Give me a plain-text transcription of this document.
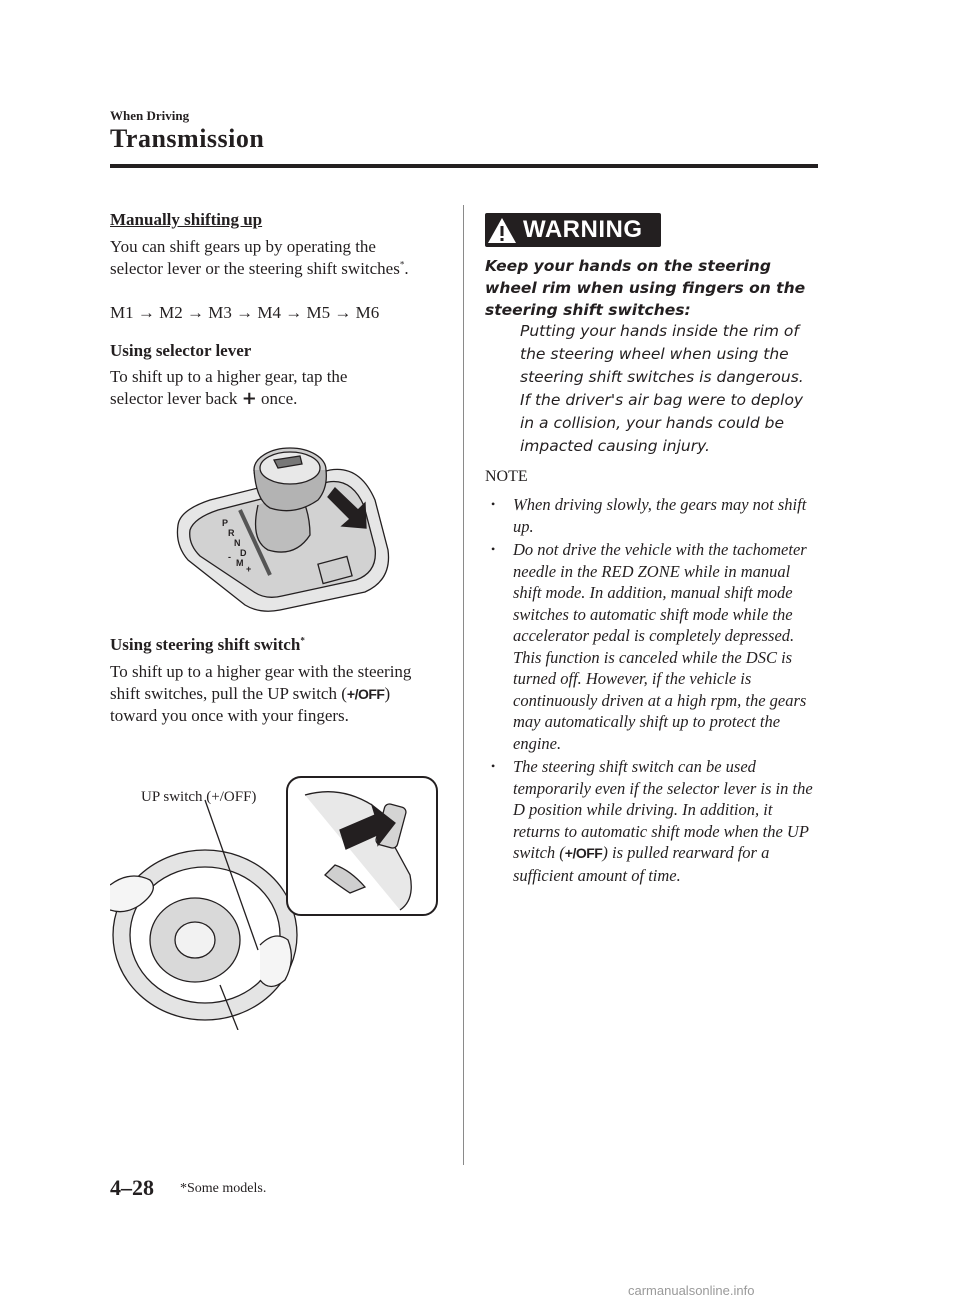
When Driving
Transmission
Manually shifting up
You can shift gears up by operating the selector lever or the steering shift switches*.
M1 → M2 → M3 → M4 → M5 → M6
Using selector lever
To shift up to a higher gear, tap the
selector lever back + once.
P
R
N
D
M
+
-
Using steering shift switch*
To shift up to a higher gear with the steering shift switches, pull the UP switch (+/OFF) toward you once with your fingers.
UP switch (+/OFF)
WARNING
Keep your hands on the steering wheel rim when using fingers on the steering shift switches:
Putting your hands inside the rim of the steering wheel when using the steering shift switches is dangerous. If the driver's air bag were to deploy in a collision, your hands could be impacted causing injury.
NOTE
•	When driving slowly, the gears may not shift up.
•	Do not drive the vehicle with the tachometer needle in the RED ZONE while in manual shift mode. In addition, manual shift mode switches to automatic shift mode while the accelerator pedal is completely depressed.
This function is canceled while the DSC is turned off. However, if the vehicle is continuously driven at a high rpm, the gears may automatically shift up to protect the engine.
•	The steering shift switch can be used temporarily even if the selector lever is in the D position while driving. In addition, it returns to automatic shift mode when the UP switch (+/OFF) is pulled rearward for a sufficient amount of time.
4–28 *Some models.
carmanualsonline.info
